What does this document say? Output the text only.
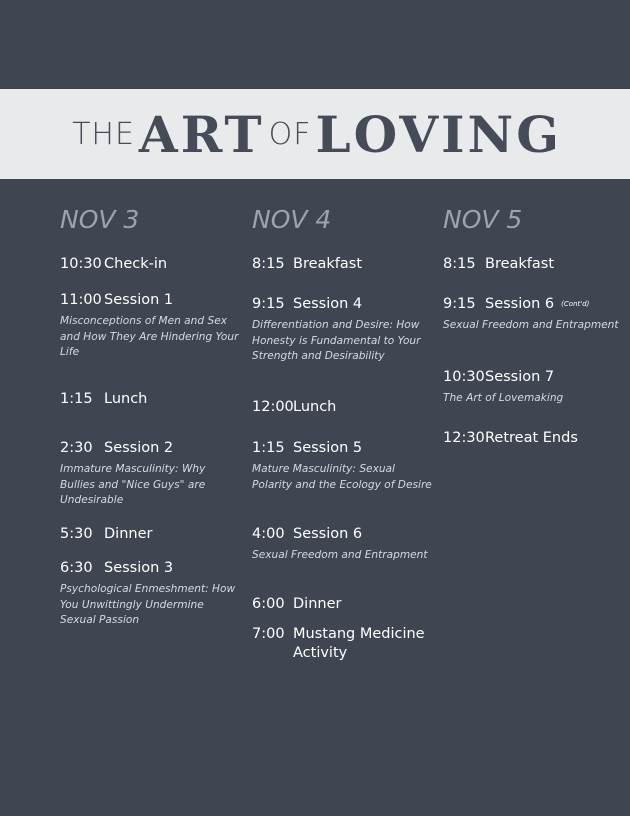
THE ART OF LOVING
NOV 3
10:30 Check-in
11:00 Session 1
Misconceptions of Men and Sex and How They Are Hindering Your Life
1:15 Lunch
2:30 Session 2
Immature Masculinity: Why Bullies and "Nice Guys" are Undesirable
5:30 Dinner
6:30 Session 3
Psychological Enmeshment: How You Unwittingly Undermine Sexual Passion
NOV 4
8:15 Breakfast
9:15 Session 4
Differentiation and Desire: How Honesty is Fundamental to Your Strength and Desirability
12:00 Lunch
1:15 Session 5
Mature Masculinity: Sexual Polarity and the Ecology of Desire
4:00 Session 6
Sexual Freedom and Entrapment
6:00 Dinner
7:00 Mustang Medicine Activity
NOV 5
8:15 Breakfast
9:15 Session 6 (Cont'd)
Sexual Freedom and Entrapment
10:30 Session 7
The Art of Lovemaking
12:30 Retreat Ends
